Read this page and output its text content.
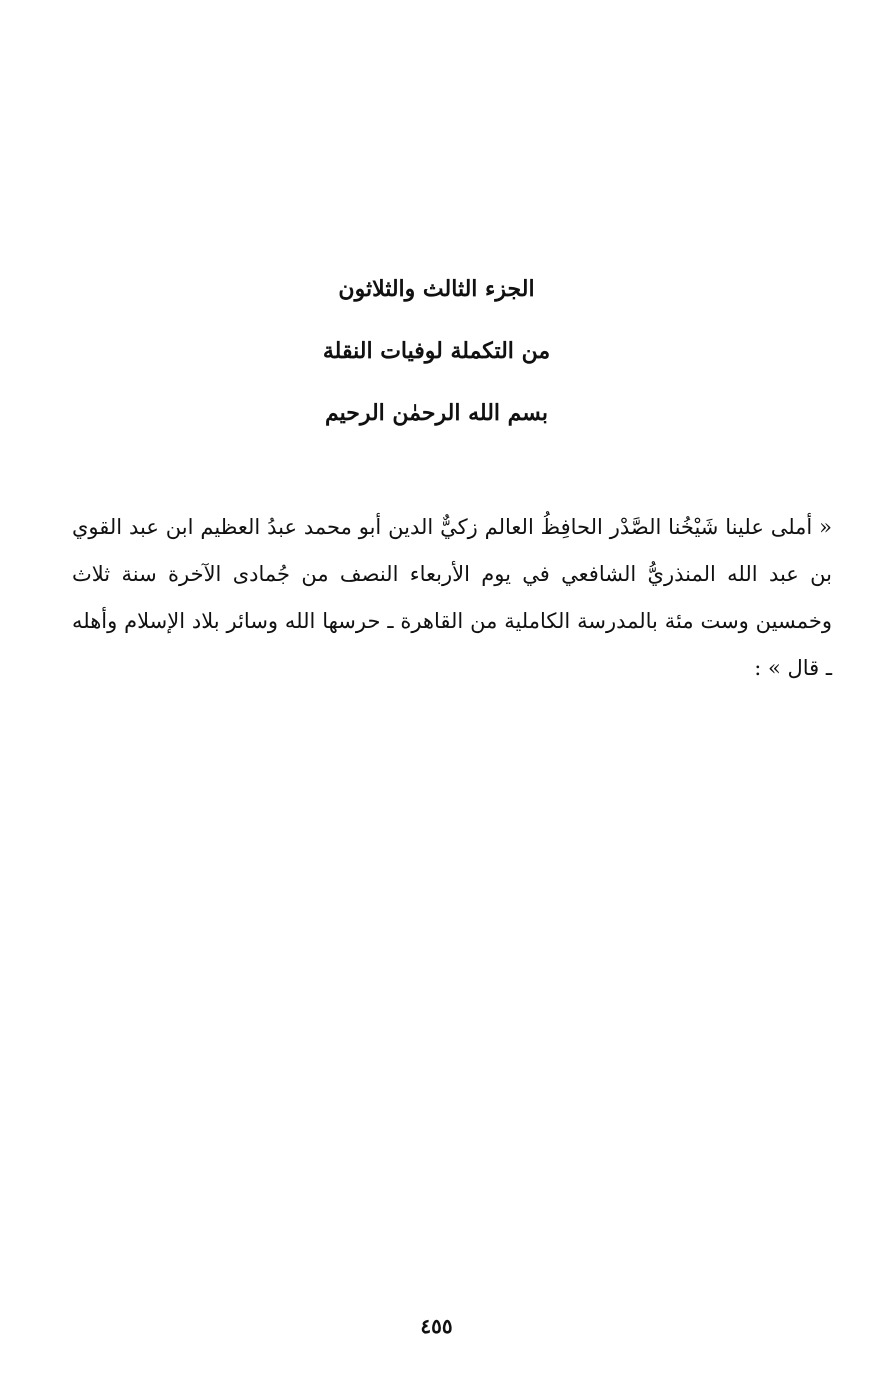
الجزء الثالث والثلاثون

من التكملة لوفيات النقلة

بسم الله الرحمٰن الرحيم

« أملى علينا شَيْخُنا الصَّدْر الحافِظُ العالم زكيٌّ الدين أبو محمد عبدُ العظيم ابن عبد القوي بن عبد الله المنذريُّ الشافعي في يوم الأربعاء النصف من جُمادى الآخرة سنة ثلاث وخمسين وست مئة بالمدرسة الكاملية من القاهرة ـ حرسها الله وسائر بلاد الإسلام وأهله ـ قال » :

٤٥٥
